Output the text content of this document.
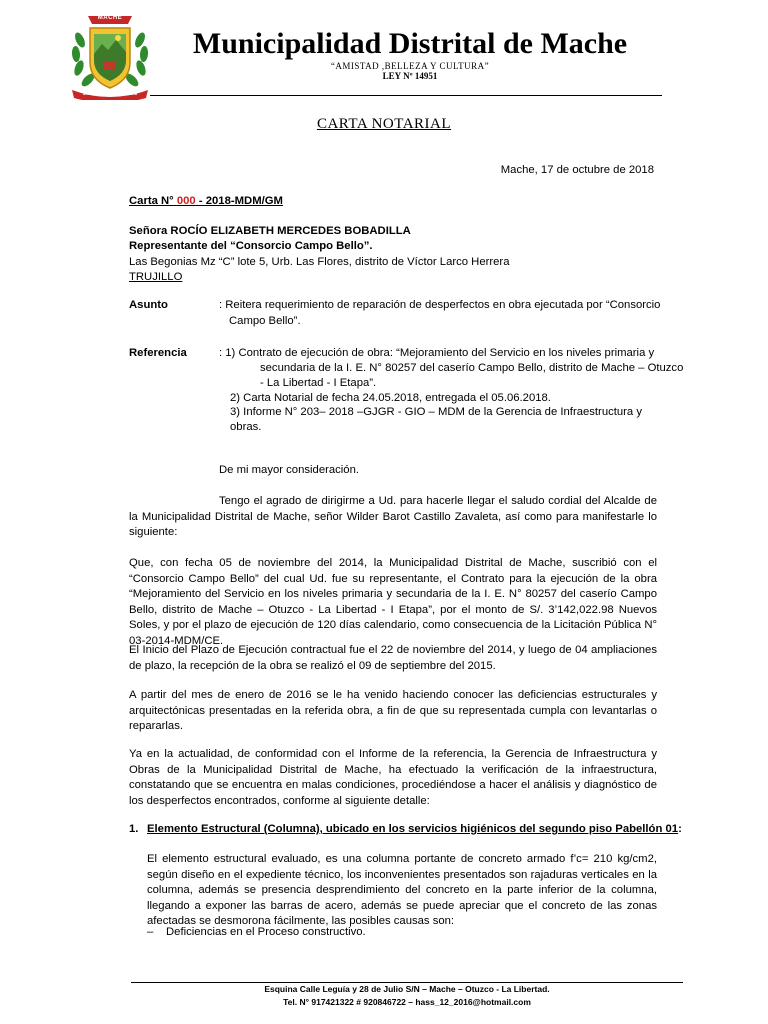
MACHE
AMISTAD, BELLEZA Y CULTURA
Municipalidad Distrital de Mache
“AMISTAD ,BELLEZA Y CULTURA”
LEY Nº 14951
CARTA NOTARIAL
Mache, 17 de octubre de 2018
Carta N° 000 - 2018-MDM/GM
Señora ROCÍO ELIZABETH MERCEDES BOBADILLA
Representante del “Consorcio Campo Bello”.
Las Begonias Mz “C” lote 5, Urb. Las Flores, distrito de Víctor Larco Herrera
TRUJILLO
Asunto	: Reitera requerimiento de reparación de desperfectos en obra ejecutada por “Consorcio
Campo Bello”.
Referencia	: 1) Contrato de ejecución de obra: “Mejoramiento del Servicio en los niveles primaria y
secundaria de la I. E. N° 80257 del caserío Campo Bello, distrito de Mache – Otuzco
- La Libertad - I Etapa”.
2) Carta Notarial de fecha 24.05.2018, entregada el 05.06.2018.
3) Informe N° 203– 2018 –GJGR - GIO – MDM de la Gerencia de Infraestructura y
obras.
De mi mayor consideración.
Tengo el agrado de dirigirme a Ud. para hacerle llegar el saludo cordial del Alcalde de la Municipalidad Distrital de Mache, señor Wilder Barot Castillo Zavaleta, así como para manifestarle lo siguiente:
Que, con fecha 05 de noviembre del 2014, la Municipalidad Distrital de Mache, suscribió con el “Consorcio Campo Bello” del cual Ud. fue su representante, el Contrato para la ejecución de la obra “Mejoramiento del Servicio en los niveles primaria y secundaria de la I. E. N° 80257 del caserío Campo Bello, distrito de Mache – Otuzco - La Libertad - I Etapa”, por el monto de S/. 3’142,022.98 Nuevos Soles, y por el plazo de ejecución de 120 días calendario, como consecuencia de la Licitación Pública N° 03-2014-MDM/CE.
El Inicio del Plazo de Ejecución contractual fue el 22 de noviembre del 2014, y luego de 04 ampliaciones de plazo, la recepción de la obra se realizó el 09 de septiembre del 2015.
A partir del mes de enero de 2016 se le ha venido haciendo conocer las deficiencias estructurales y arquitectónicas presentadas en la referida obra, a fin de que su representada cumpla con levantarlas o repararlas.
Ya en la actualidad, de conformidad con el Informe de la referencia, la Gerencia de Infraestructura y Obras de la Municipalidad Distrital de Mache, ha efectuado la verificación de la infraestructura, constatando que se encuentra en malas condiciones, procediéndose a hacer el análisis y diagnóstico de los desperfectos encontrados, conforme al siguiente detalle:
1. Elemento Estructural (Columna), ubicado en los servicios higiénicos del segundo piso Pabellón 01:
El elemento estructural evaluado, es una columna portante de concreto armado f’c= 210 kg/cm2, según diseño en el expediente técnico, los inconvenientes presentados son rajaduras verticales en la columna, además se presencia desprendimiento del concreto en la parte inferior de la columna, llegando a exponer las barras de acero, además se puede apreciar que el concreto de las zonas afectadas se desmorona fácilmente, las posibles causas son:
– Deficiencias en el Proceso constructivo.
Esquina Calle Leguía y 28 de Julio S/N – Mache – Otuzco - La Libertad.
Tel. N° 917421322 # 920846722 – hass_12_2016@hotmail.com
